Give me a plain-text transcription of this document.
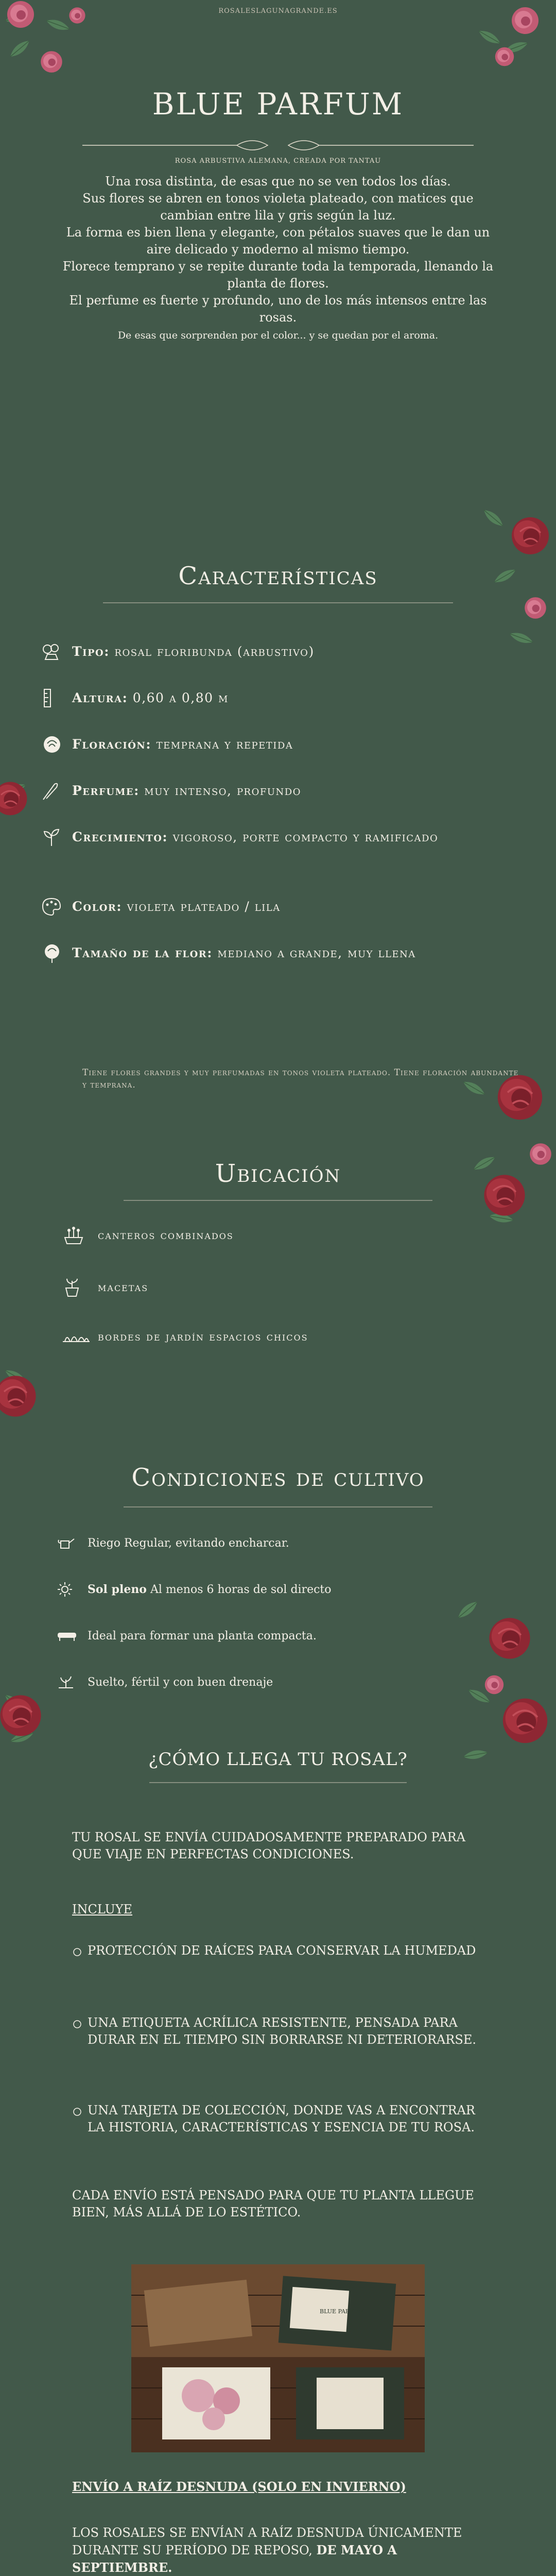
ROSALESLAGUNAGRANDE.ES
BLUE PARFUM
ROSA ARBUSTIVA ALEMANA, CREADA POR TANTAU

Una rosa distinta, de esas que no se ven todos los días.

Sus flores se abren en tonos violeta plateado, con matices que cambian entre lila y gris según la luz.

La forma es bien llena y elegante, con pétalos suaves que le dan un aire delicado y moderno al mismo tiempo.

Florece temprano y se repite durante toda la temporada, llenando la planta de flores.

El perfume es fuerte y profundo, uno de los más intensos entre las rosas.

De esas que sorprenden por el color... y se quedan por el aroma.

Características
Tipo: rosal floribunda (arbustivo)
Altura: 0,60 a 0,80 m
Floración: temprana y repetida
Perfume: muy intenso, profundo
Crecimiento: vigoroso, porte compacto y ramificado
Color: violeta plateado / lila
Tamaño de la flor: mediano a grande, muy llena
Tiene flores grandes y muy perfumadas en tonos violeta plateado. Tiene floración abundante y temprana.
Ubicación
canteros combinados
macetas
bordes de jardín espacios chicos
Condiciones de cultivo
Riego Regular, evitando encharcar.
Sol pleno Al menos 6 horas de sol directo
Ideal para formar una planta compacta.
Suelto, fértil y con buen drenaje
¿CÓMO LLEGA TU ROSAL?

TU ROSAL SE ENVÍA CUIDADOSAMENTE PREPARADO PARA QUE VIAJE EN PERFECTAS CONDICIONES.

INCLUYE

PROTECCIÓN DE RAÍCES PARA CONSERVAR LA HUMEDAD
UNA ETIQUETA ACRÍLICA RESISTENTE, PENSADA PARA DURAR EN EL TIEMPO SIN BORRARSE NI DETERIORARSE.
UNA TARJETA DE COLECCIÓN, DONDE VAS A ENCONTRAR LA HISTORIA, CARACTERÍSTICAS Y ESENCIA DE TU ROSA.

CADA ENVÍO ESTÁ PENSADO PARA QUE TU PLANTA LLEGUE BIEN, MÁS ALLÁ DE LO ESTÉTICO.

BLUE PARFUM

ENVÍO A RAÍZ DESNUDA (SOLO EN INVIERNO)

LOS ROSALES SE ENVÍAN A RAÍZ DESNUDA ÚNICAMENTE DURANTE SU PERÍODO DE REPOSO, DE MAYO A SEPTIEMBRE.
